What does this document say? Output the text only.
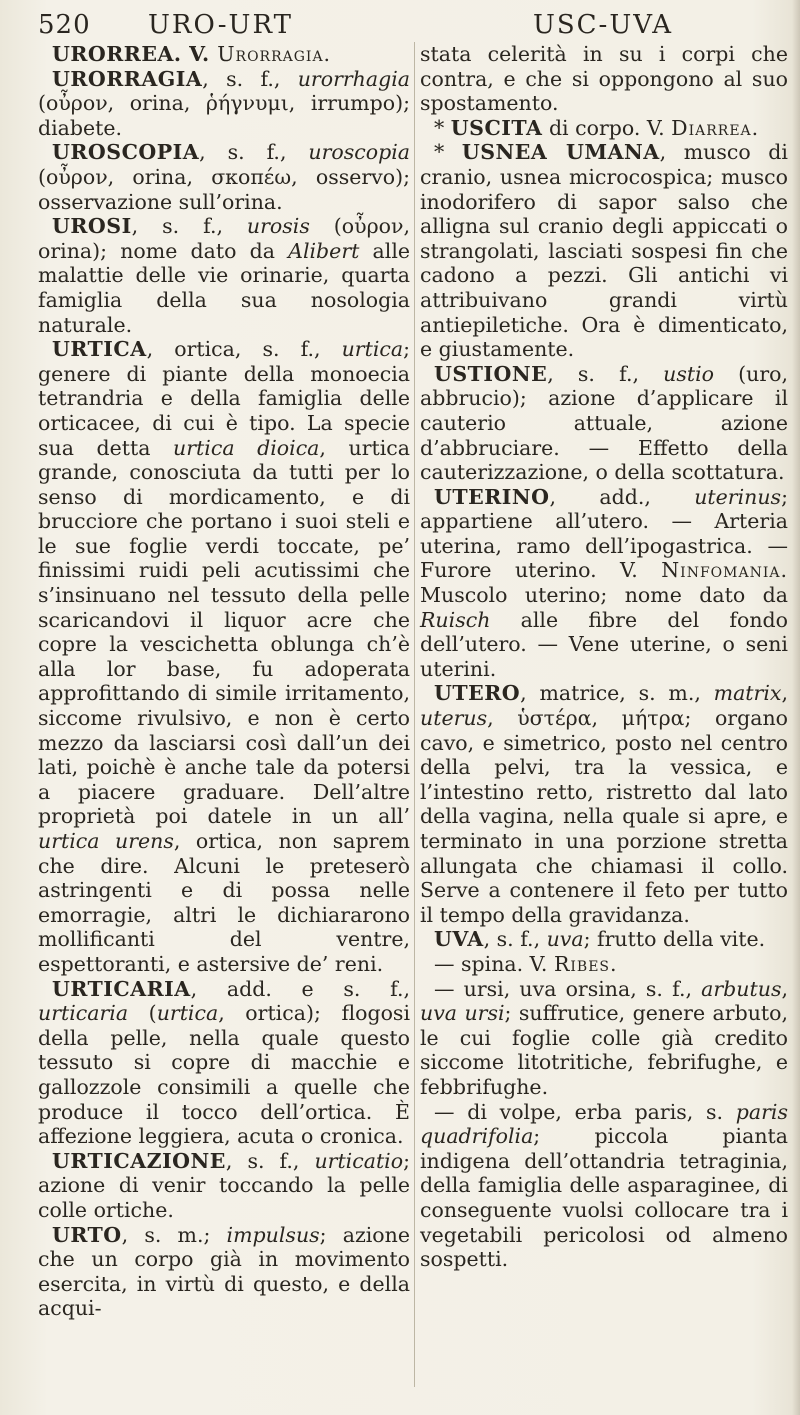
520 URO-URT	USC-UVA

URORREA. V. Urorragia.

URORRAGIA, s. f., urorrhagia (οὖρον, orina, ῥήγνυμι, irrumpo); diabete.

UROSCOPIA, s. f., uroscopia (οὖρον, orina, σκοπέω, osservo); osservazione sull’orina.

UROSI, s. f., urosis (οὖρον, orina); nome dato da Alibert alle malattie delle vie orinarie, quarta famiglia della sua nosologia naturale.

URTICA, ortica, s. f., urtica; genere di piante della monoecia tetrandria e della famiglia delle orticacee, di cui è tipo. La specie sua detta urtica dioica, urtica grande, conosciuta da tutti per lo senso di mordicamento, e di brucciore che portano i suoi steli e le sue foglie verdi toccate, pe’ finissimi ruidi peli acutissimi che s’insinuano nel tessuto della pelle scaricandovi il liquor acre che copre la vescichetta oblunga ch’è alla lor base, fu adoperata approfittando di simile irritamento, siccome rivulsivo, e non è certo mezzo da lasciarsi così dall’un dei lati, poichè è anche tale da potersi a piacere graduare. Dell’altre proprietà poi datele in un all’ urtica urens, ortica, non saprem che dire. Alcuni le preteserò astringenti e di possa nelle emorragie, altri le dichiararono mollificanti del ventre, espettoranti, e astersive de’ reni.

URTICARIA, add. e s. f., urticaria (urtica, ortica); flogosi della pelle, nella quale questo tessuto si copre di macchie e gallozzole consimili a quelle che produce il tocco dell’ortica. È affezione leggiera, acuta o cronica.

URTICAZIONE, s. f., urticatio; azione di venir toccando la pelle colle ortiche.

URTO, s. m.; impulsus; azione che un corpo già in movimento esercita, in virtù di questo, e della acqui-

stata celerità in su i corpi che contra, e che si oppongono al suo spostamento.

* USCITA di corpo. V. Diarrea.

* USNEA UMANA, musco di cranio, usnea microcospica; musco inodorifero di sapor salso che alligna sul cranio degli appiccati o strangolati, lasciati sospesi fin che cadono a pezzi. Gli antichi vi attribuivano grandi virtù antiepiletiche. Ora è dimenticato, e giustamente.

USTIONE, s. f., ustio (uro, abbrucio); azione d’applicare il cauterio attuale, azione d’abbruciare. — Effetto della cauterizzazione, o della scottatura.

UTERINO, add., uterinus; appartiene all’utero. — Arteria uterina, ramo dell’ipogastrica. — Furore uterino. V. Ninfomania. Muscolo uterino; nome dato da Ruisch alle fibre del fondo dell’utero. — Vene uterine, o seni uterini.

UTERO, matrice, s. m., matrix, uterus, ὑστέρα, μήτρα; organo cavo, e simetrico, posto nel centro della pelvi, tra la vessica, e l’intestino retto, ristretto dal lato della vagina, nella quale si apre, e terminato in una porzione stretta allungata che chiamasi il collo. Serve a contenere il feto per tutto il tempo della gravidanza.

UVA, s. f., uva; frutto della vite.

— spina. V. Ribes.

— ursi, uva orsina, s. f., arbutus, uva ursi; suffrutice, genere arbuto, le cui foglie colle già credito siccome litotritiche, febrifughe, e febbrifughe.

— di volpe, erba paris, s. paris quadrifolia; piccola pianta indigena dell’ottandria tetraginia, della famiglia delle asparaginee, di conseguente vuolsi collocare tra i vegetabili pericolosi od almeno sospetti.
